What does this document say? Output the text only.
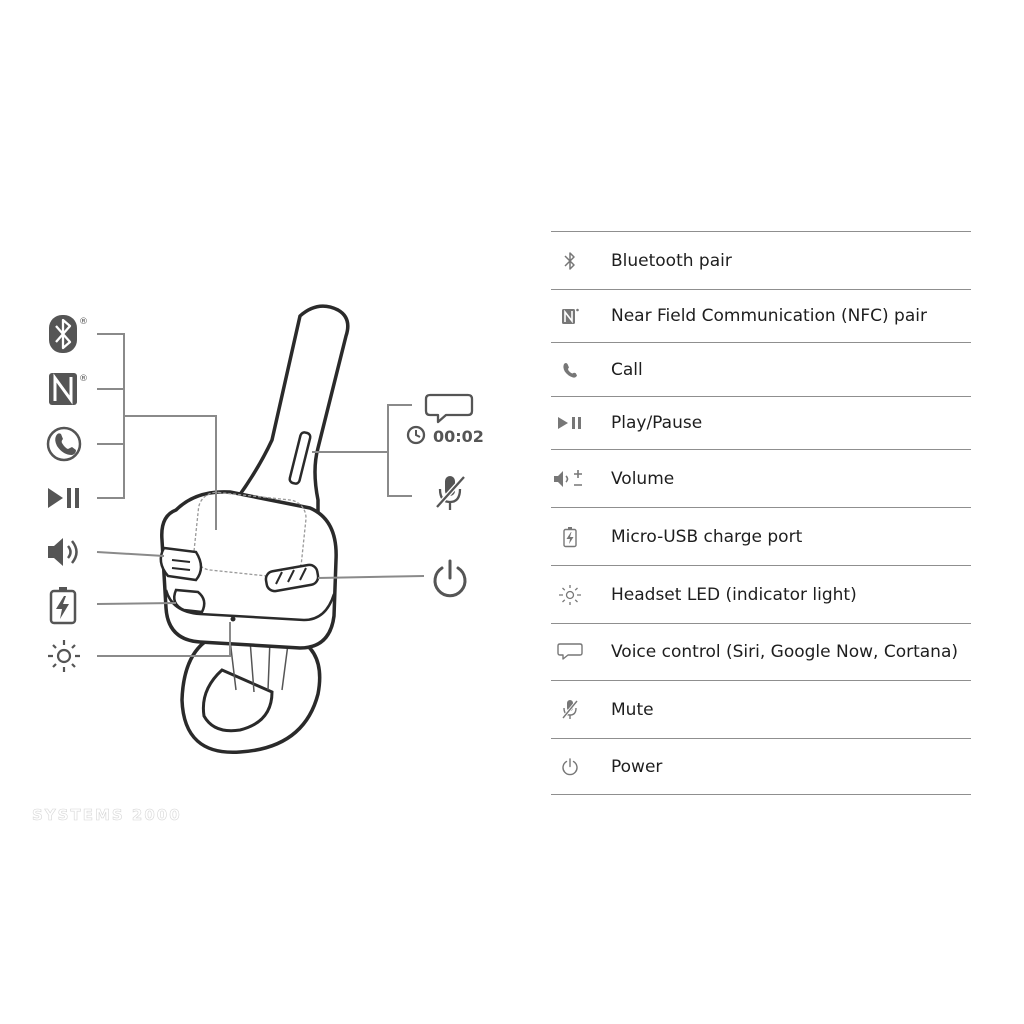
®
®
00:02
Bluetooth pair
Near Field Communication (NFC) pair
Call
Play/Pause
Volume
Micro-USB charge port
Headset LED (indicator light)
Voice control (Siri, Google Now, Cortana)
Mute
Power
SYSTEMS 2000
